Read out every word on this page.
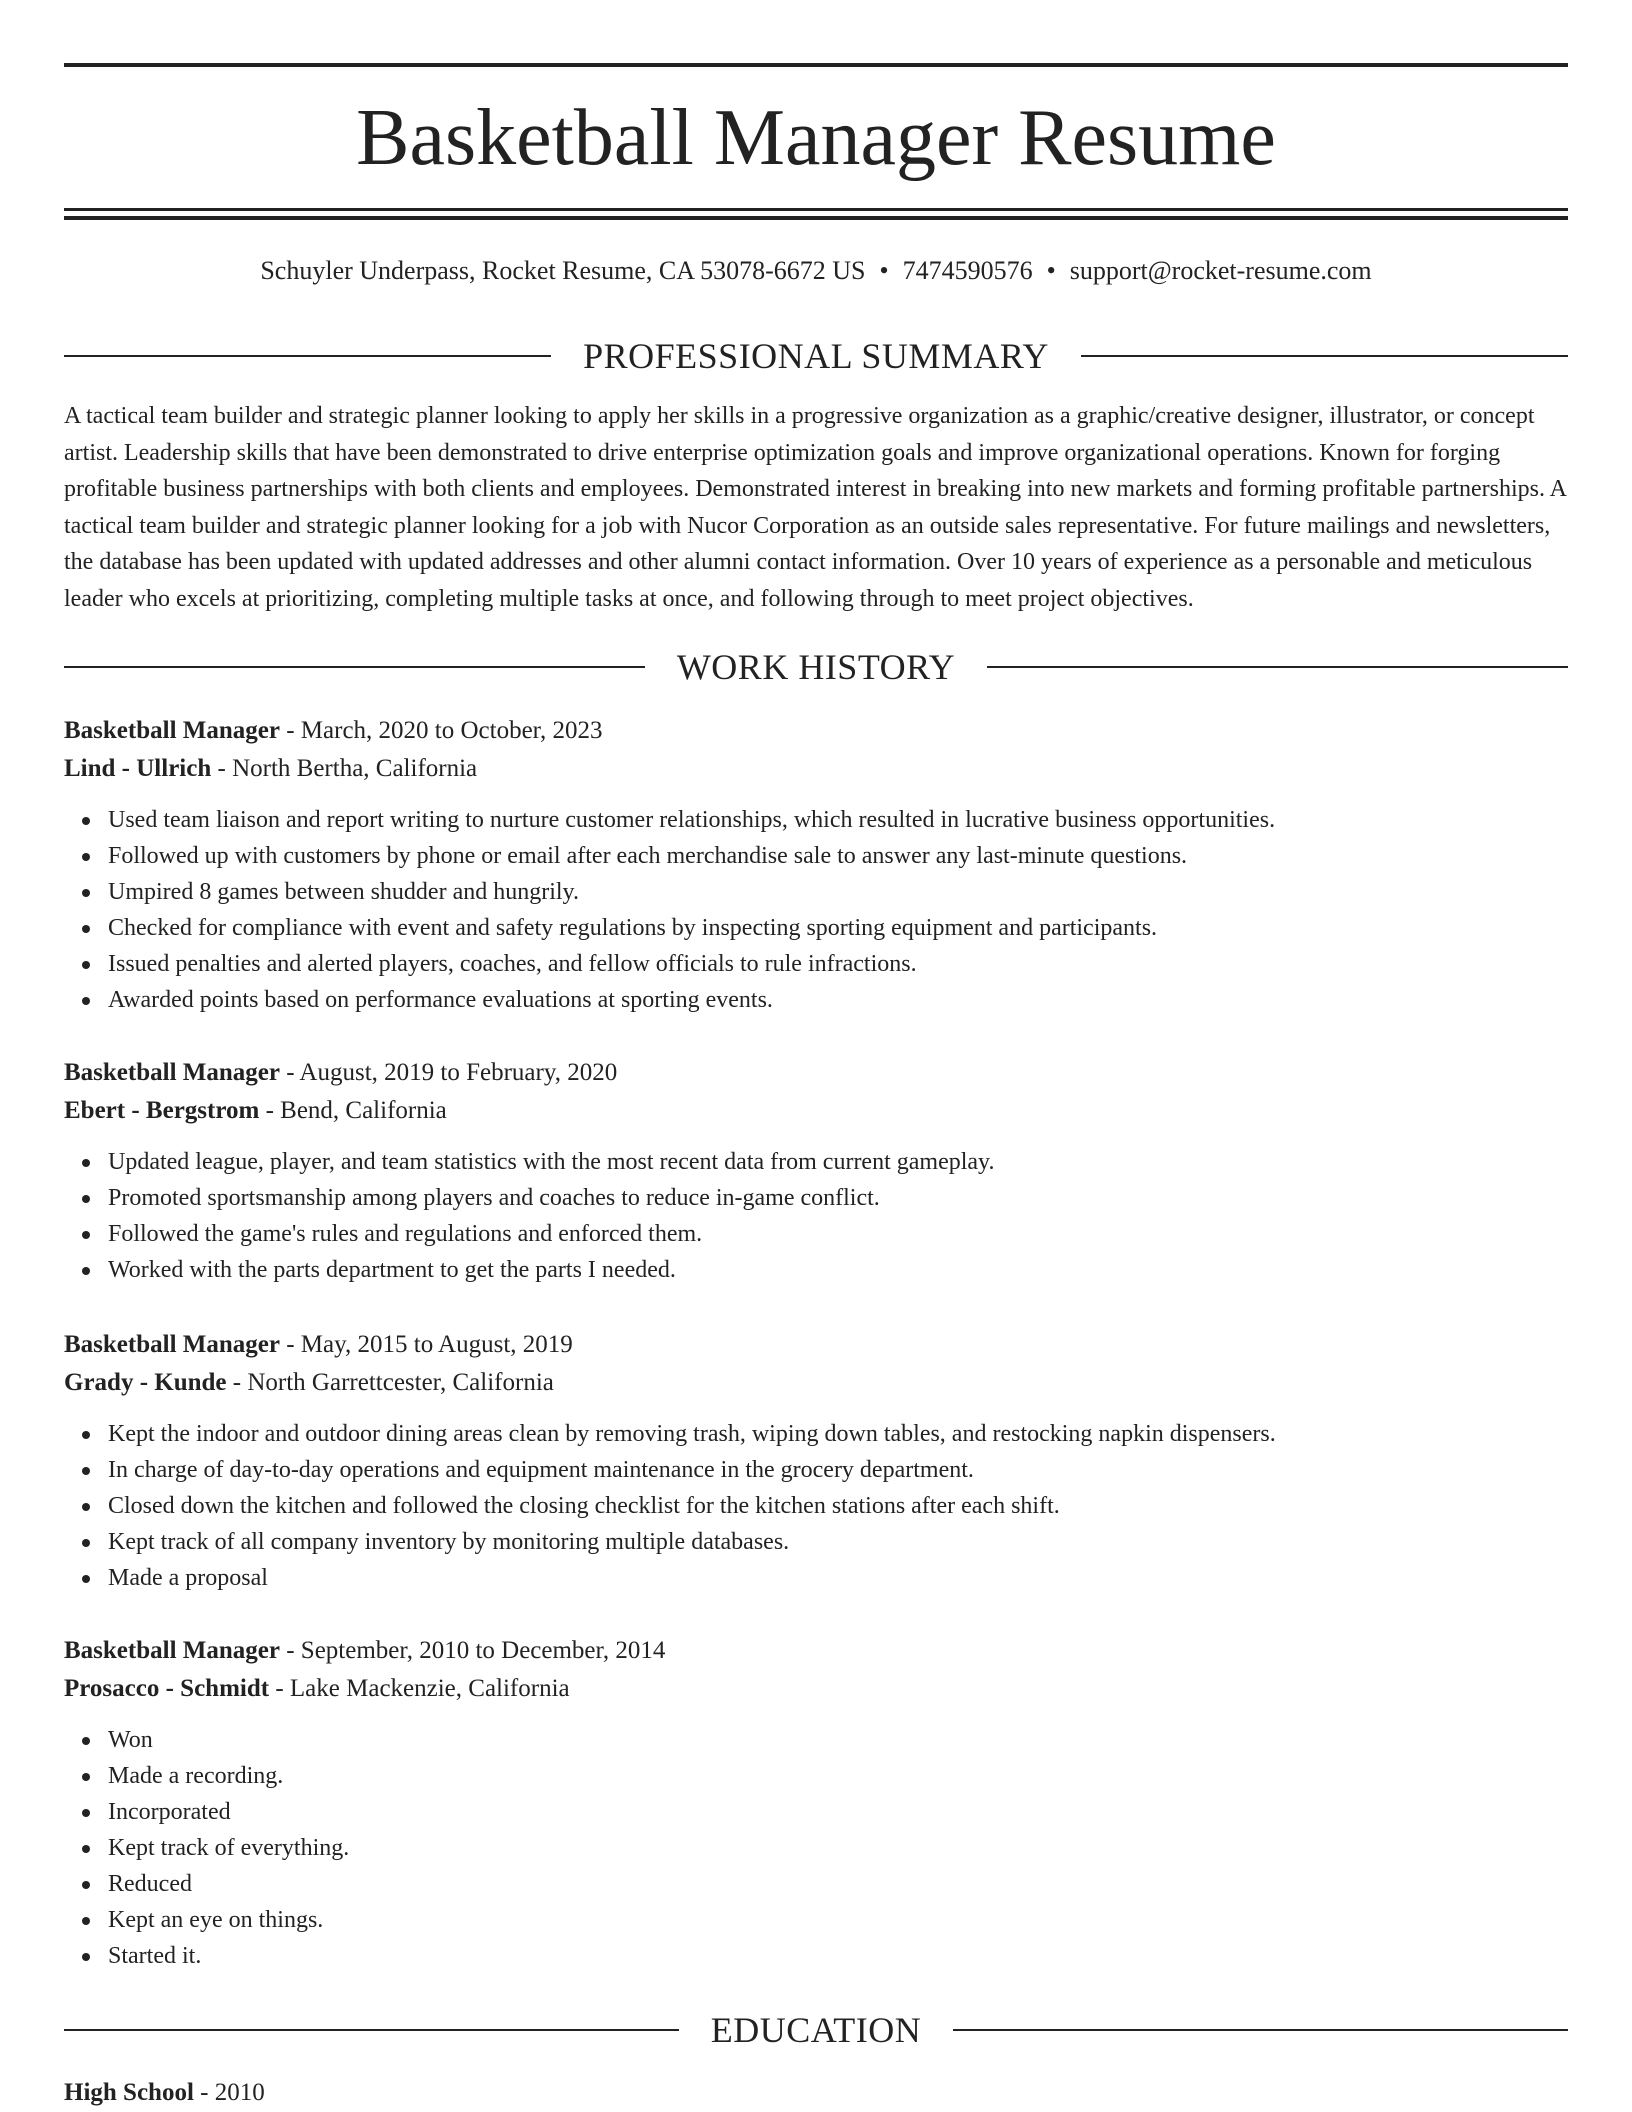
Basketball Manager Resume
Schuyler Underpass, Rocket Resume, CA 53078-6672 US • 7474590576 • support@rocket-resume.com
PROFESSIONAL SUMMARY

A tactical team builder and strategic planner looking to apply her skills in a progressive organization as a graphic/creative designer, illustrator, or concept artist. Leadership skills that have been demonstrated to drive enterprise optimization goals and improve organizational operations. Known for forging profitable business partnerships with both clients and employees. Demonstrated interest in breaking into new markets and forming profitable partnerships. A tactical team builder and strategic planner looking for a job with Nucor Corporation as an outside sales representative. For future mailings and newsletters, the database has been updated with updated addresses and other alumni contact information. Over 10 years of experience as a personable and meticulous leader who excels at prioritizing, completing multiple tasks at once, and following through to meet project objectives.

WORK HISTORY
Basketball Manager - March, 2020 to October, 2023
Lind - Ullrich - North Bertha, California
Used team liaison and report writing to nurture customer relationships, which resulted in lucrative business opportunities.
Followed up with customers by phone or email after each merchandise sale to answer any last-minute questions.
Umpired 8 games between shudder and hungrily.
Checked for compliance with event and safety regulations by inspecting sporting equipment and participants.
Issued penalties and alerted players, coaches, and fellow officials to rule infractions.
Awarded points based on performance evaluations at sporting events.
Basketball Manager - August, 2019 to February, 2020
Ebert - Bergstrom - Bend, California
Updated league, player, and team statistics with the most recent data from current gameplay.
Promoted sportsmanship among players and coaches to reduce in-game conflict.
Followed the game's rules and regulations and enforced them.
Worked with the parts department to get the parts I needed.
Basketball Manager - May, 2015 to August, 2019
Grady - Kunde - North Garrettcester, California
Kept the indoor and outdoor dining areas clean by removing trash, wiping down tables, and restocking napkin dispensers.
In charge of day-to-day operations and equipment maintenance in the grocery department.
Closed down the kitchen and followed the closing checklist for the kitchen stations after each shift.
Kept track of all company inventory by monitoring multiple databases.
Made a proposal
Basketball Manager - September, 2010 to December, 2014
Prosacco - Schmidt - Lake Mackenzie, California
Won
Made a recording.
Incorporated
Kept track of everything.
Reduced
Kept an eye on things.
Started it.
EDUCATION
High School - 2010
